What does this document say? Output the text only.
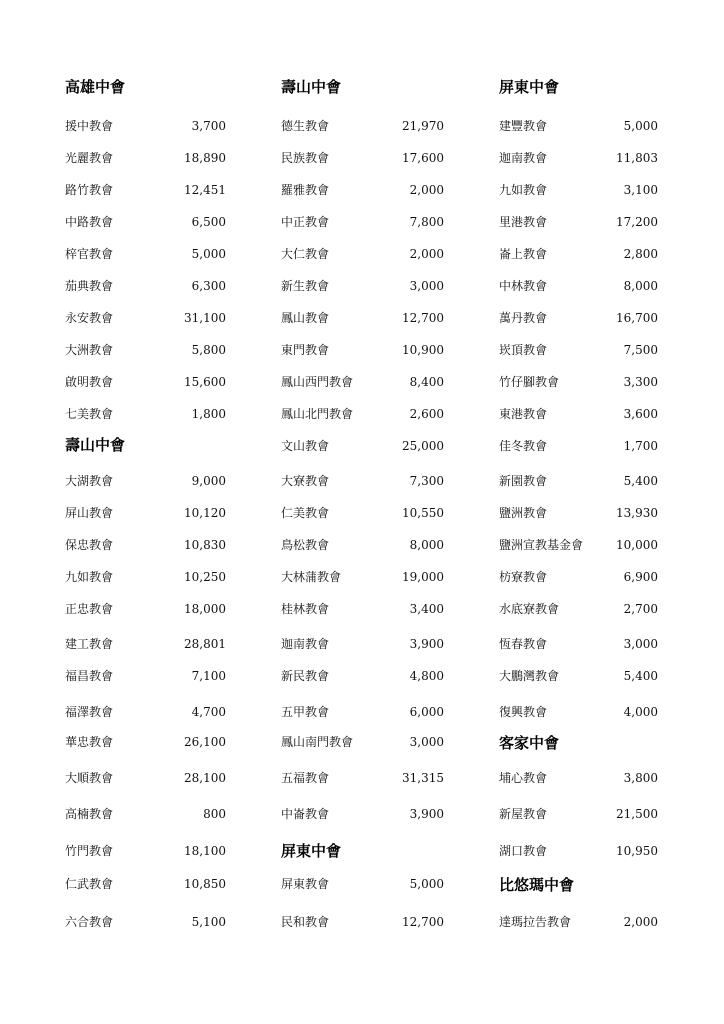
高雄中會
援中教會	3,700
光麗教會	18,890
路竹教會	12,451
中路教會	6,500
梓官教會	5,000
茄典教會	6,300
永安教會	31,100
大洲教會	5,800
啟明教會	15,600
七美教會	1,800
壽山中會
大湖教會	9,000
屏山教會	10,120
保忠教會	10,830
九如教會	10,250
正忠教會	18,000
建工教會	28,801
福昌教會	7,100
福澤教會	4,700
華忠教會	26,100
大順教會	28,100
高楠教會	800
竹門教會	18,100
仁武教會	10,850
六合教會	5,100
壽山中會
德生教會	21,970
民族教會	17,600
羅雅教會	2,000
中正教會	7,800
大仁教會	2,000
新生教會	3,000
鳳山教會	12,700
東門教會	10,900
鳳山西門教會	8,400
鳳山北門教會	2,600
文山教會	25,000
大寮教會	7,300
仁美教會	10,550
鳥松教會	8,000
大林蒲教會	19,000
桂林教會	3,400
迦南教會	3,900
新民教會	4,800
五甲教會	6,000
鳳山南門教會	3,000
五福教會	31,315
中崙教會	3,900
屏東中會
屏東教會	5,000
民和教會	12,700
屏東中會
建豐教會	5,000
迦南教會	11,803
九如教會	3,100
里港教會	17,200
崙上教會	2,800
中林教會	8,000
萬丹教會	16,700
崁頂教會	7,500
竹仔腳教會	3,300
東港教會	3,600
佳冬教會	1,700
新園教會	5,400
鹽洲教會	13,930
鹽洲宣教基金會	10,000
枋寮教會	6,900
水底寮教會	2,700
恆春教會	3,000
大鵬灣教會	5,400
復興教會	4,000
客家中會
埔心教會	3,800
新屋教會	21,500
湖口教會	10,950
比悠瑪中會
達瑪拉告教會	2,000
